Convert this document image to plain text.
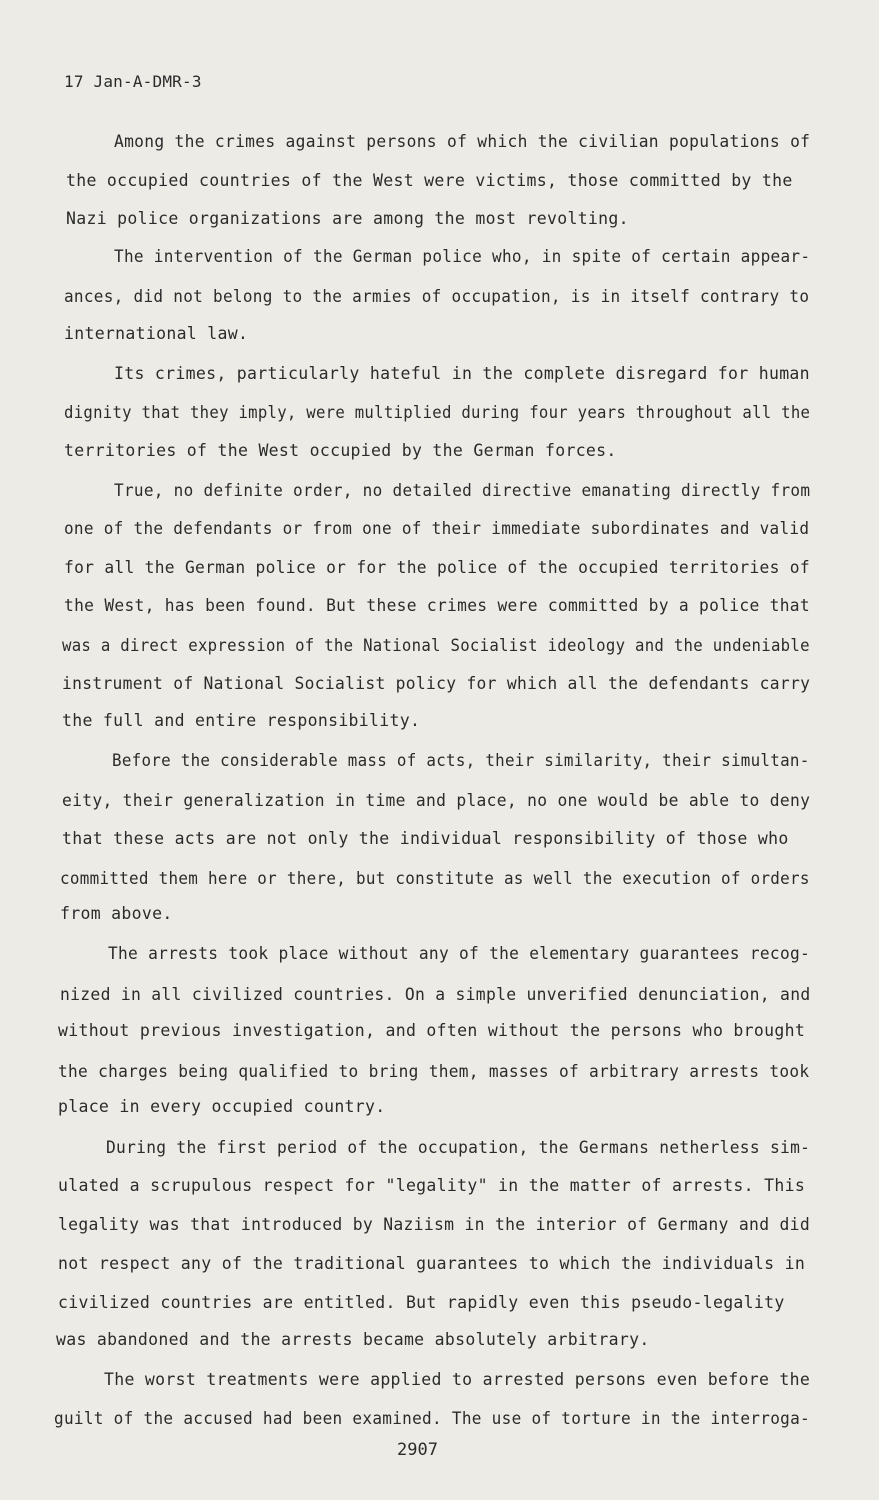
17 Jan-A-DMR-3
Among the crimes against persons of which the civilian populations of
the occupied countries of the West were victims, those committed by the
Nazi police organizations are among the most revolting.
The intervention of the German police who, in spite of certain appear-
ances, did not belong to the armies of occupation, is in itself contrary to
international law.
Its crimes, particularly hateful in the complete disregard for human
dignity that they imply, were multiplied during four years throughout all the
territories of the West occupied by the German forces.
True, no definite order, no detailed directive emanating directly from
one of the defendants or from one of their immediate subordinates and valid
for all the German police or for the police of the occupied territories of
the West, has been found. But these crimes were committed by a police that
was a direct expression of the National Socialist ideology and the undeniable
instrument of National Socialist policy for which all the defendants carry
the full and entire responsibility.
Before the considerable mass of acts, their similarity, their simultan-
eity, their generalization in time and place, no one would be able to deny
that these acts are not only the individual responsibility of those who
committed them here or there, but constitute as well the execution of orders
from above.
The arrests took place without any of the elementary guarantees recog-
nized in all civilized countries. On a simple unverified denunciation, and
without previous investigation, and often without the persons who brought
the charges being qualified to bring them, masses of arbitrary arrests took
place in every occupied country.
During the first period of the occupation, the Germans netherless sim-
ulated a scrupulous respect for "legality" in the matter of arrests. This
legality was that introduced by Naziism in the interior of Germany and did
not respect any of the traditional guarantees to which the individuals in
civilized countries are entitled. But rapidly even this pseudo-legality
was abandoned and the arrests became absolutely arbitrary.
The worst treatments were applied to arrested persons even before the
guilt of the accused had been examined. The use of torture in the interroga-
2907
